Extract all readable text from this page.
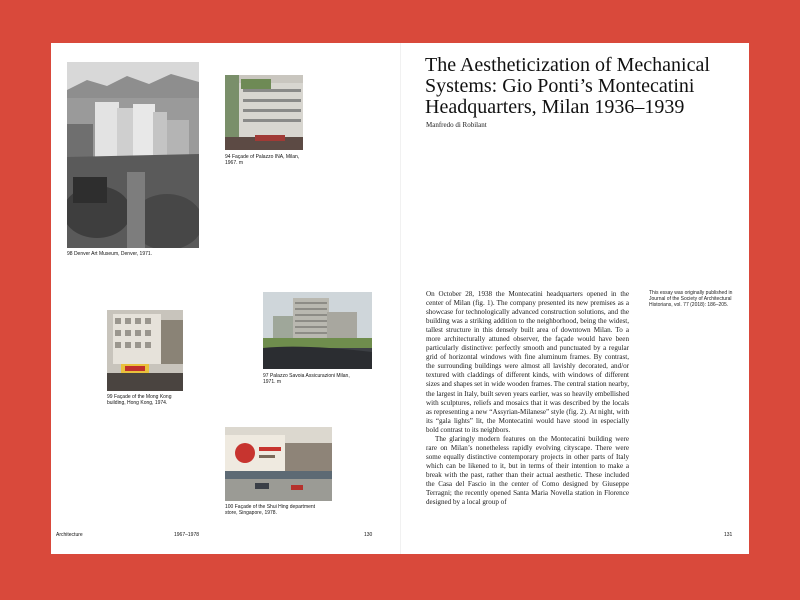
98 Denver Art Museum, Denver, 1971.
94 Façade of Palazzo INA, Milan,
1967. m
97 Palazzo Savoia Assicurazioni Milan,
1971. m
99 Façade of the Mong Kong
building, Hong Kong, 1974.
100 Façade of the Shui Hing department
store, Singapore, 1978.
The Aestheticization of Mechanical
Systems: Gio Ponti’s Montecatini
Headquarters, Milan 1936–1939
Manfredo di Robilant
This essay was originally published in Journal of the Society of Architectural Historians, vol. 77 (2018): 186–205.

On October 28, 1938 the Montecatini headquarters opened in the center of Milan (fig. 1). The company presented its new premises as a showcase for technologically advanced construction solutions, and the building was a striking addition to the neighborhood, being the widest, tallest structure in this densely built area of downtown Milan. To a more architecturally attuned observer, the façade would have been particularly distinctive: perfectly smooth and punctuated by a regular grid of horizontal windows with fine aluminum frames. By contrast, the surrounding buildings were almost all lavishly decorated, and/or textured with claddings of different kinds, with windows of different sizes and shapes set in wide wooden frames. The central station nearby, the largest in Italy, built seven years earlier, was so heavily embellished with sculptures, reliefs and mosaics that it was described by the locals as representing a new “Assyrian-Milanese” style (fig. 2). At night, with its “gala lights” lit, the Montecatini would have stood in especially bold contrast to its neighbors.

The glaringly modern features on the Montecatini building were rare on Milan’s nonetheless rapidly evolving cityscape. There were some equally distinctive contemporary projects in other parts of Italy which can be likened to it, but in terms of their intention to make a break with the past, rather than their actual aesthetic. These included the Casa del Fascio in the center of Como designed by Giuseppe Terragni; the recently opened Santa Maria Novella station in Florence designed by a local group of

Architecture	1967–1978	130	131
